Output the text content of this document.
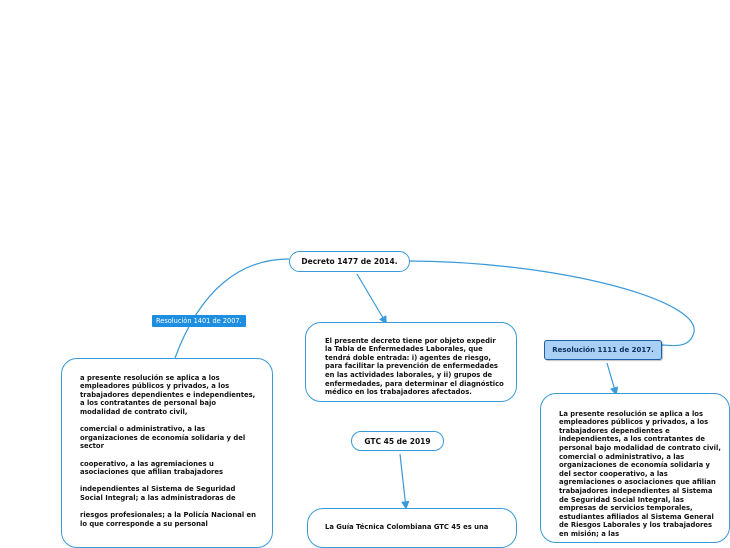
Decreto 1477 de 2014.

El presente decreto tiene por objeto expedir la Tabla de Enfermedades Laborales, que tendrá doble entrada: i) agentes de riesgo, para facilitar la prevención de enfermedades en las actividades laborales, y ii) grupos de enfermedades, para determinar el diagnóstico médico en los trabajadores afectados.

Resolución 1401 de 2007.

a presente resolución se aplica a los empleadores públicos y privados, a los trabajadores dependientes e independientes, a los contratantes de personal bajo modalidad de contrato civil,

comercial o administrativo, a las organizaciones de economía solidaria y del sector

cooperativo, a las agremiaciones u asociaciones que afilian trabajadores

independientes al Sistema de Seguridad Social Integral; a las administradoras de

riesgos profesionales; a la Policía Nacional en lo que corresponde a su personal

Resolución 1111 de 2017.

La presente resolución se aplica a los empleadores públicos y privados, a los trabajadores dependientes e independientes, a los contratantes de personal bajo modalidad de contrato civil, comercial o administrativo, a las organizaciones de economía solidaria y del sector cooperativo, a las agremiaciones o asociaciones que afilian trabajadores independientes al Sistema de Seguridad Social Integral, las empresas de servicios temporales, estudiantes afiliados al Sistema General de Riesgos Laborales y los trabajadores en misión; a las

GTC 45 de 2019

La Guía Técnica Colombiana GTC 45 es una
